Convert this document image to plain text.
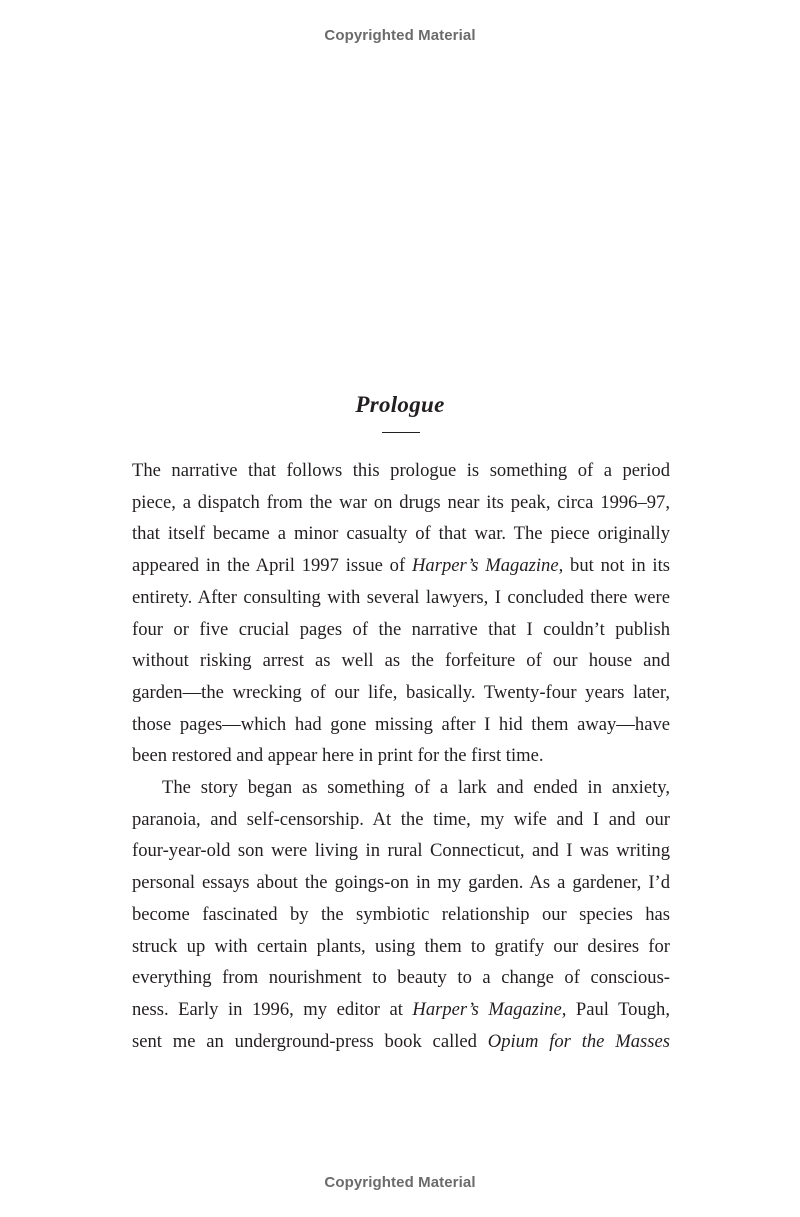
Copyrighted Material
Prologue

The narrative that follows this prologue is something of a period

piece, a dispatch from the war on drugs near its peak, circa 1996–97,

that itself became a minor casualty of that war. The piece originally

appeared in the April 1997 issue of Harper’s Magazine, but not in its

entirety. After consulting with several lawyers, I concluded there were

four or five crucial pages of the narrative that I couldn’t publish

without risking arrest as well as the forfeiture of our house and

garden—the wrecking of our life, basically. Twenty-four years later,

those pages—which had gone missing after I hid them away—have

been restored and appear here in print for the first time.

The story began as something of a lark and ended in anxiety,

paranoia, and self-censorship. At the time, my wife and I and our

four-year-old son were living in rural Connecticut, and I was writing

personal essays about the goings-on in my garden. As a gardener, I’d

become fascinated by the symbiotic relationship our species has

struck up with certain plants, using them to gratify our desires for

everything from nourishment to beauty to a change of conscious-

ness. Early in 1996, my editor at Harper’s Magazine, Paul Tough,

sent me an underground-press book called Opium for the Masses

Copyrighted Material
